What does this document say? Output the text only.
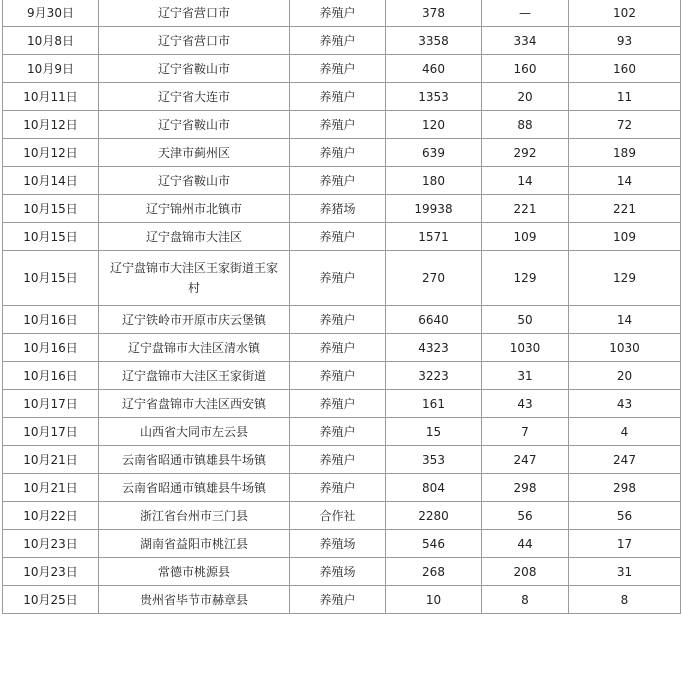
9月30日	辽宁省营口市	养殖户	378	—	102
10月8日	辽宁省营口市	养殖户	3358	334	93
10月9日	辽宁省鞍山市	养殖户	460	160	160
10月11日	辽宁省大连市	养殖户	1353	20	11
10月12日	辽宁省鞍山市	养殖户	120	88	72
10月12日	天津市蓟州区	养殖户	639	292	189
10月14日	辽宁省鞍山市	养殖户	180	14	14
10月15日	辽宁锦州市北镇市	养猪场	19938	221	221
10月15日	辽宁盘锦市大洼区	养殖户	1571	109	109
10月15日	辽宁盘锦市大洼区王家街道王家村	养殖户	270	129	129
10月16日	辽宁铁岭市开原市庆云堡镇	养殖户	6640	50	14
10月16日	辽宁盘锦市大洼区清水镇	养殖户	4323	1030	1030
10月16日	辽宁盘锦市大洼区王家街道	养殖户	3223	31	20
10月17日	辽宁省盘锦市大洼区西安镇	养殖户	161	43	43
10月17日	山西省大同市左云县	养殖户	15	7	4
10月21日	云南省昭通市镇雄县牛场镇	养殖户	353	247	247
10月21日	云南省昭通市镇雄县牛场镇	养殖户	804	298	298
10月22日	浙江省台州市三门县	合作社	2280	56	56
10月23日	湖南省益阳市桃江县	养殖场	546	44	17
10月23日	常德市桃源县	养殖场	268	208	31
10月25日	贵州省毕节市赫章县	养殖户	10	8	8
